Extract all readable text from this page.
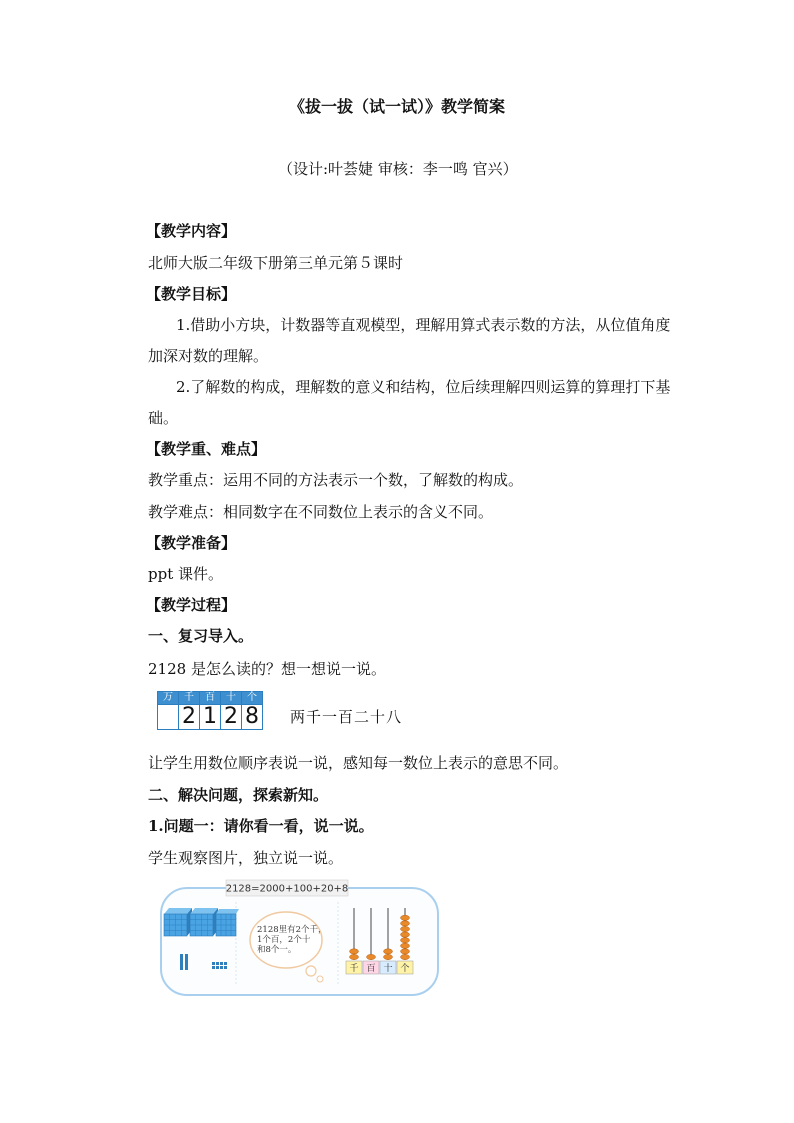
《拔一拔（试一试）》教学简案
（设计:叶荟婕 审核：李一鸣 官兴）
【教学内容】
北师大版二年级下册第三单元第５课时
【教学目标】
1.借助小方块，计数器等直观模型，理解用算式表示数的方法，从位值角度
加深对数的理解。
2.了解数的构成，理解数的意义和结构，位后续理解四则运算的算理打下基
础。
【教学重、难点】
教学重点：运用不同的方法表示一个数，了解数的构成。
教学难点：相同数字在不同数位上表示的含义不同。
【教学准备】
ppt 课件。
【教学过程】
一、复习导入。
2128 是怎么读的？想一想说一说。
万	千	百	十	个
	2	1	2	8 两千一百二十八
让学生用数位顺序表说一说，感知每一数位上表示的意思不同。
二、解决问题，探索新知。
1.问题一：请你看一看，说一说。
学生观察图片，独立说一说。
2128=2000+100+20+8
2128里有2个千，
1个百，2个十
和8个一。
千 百 十 个
